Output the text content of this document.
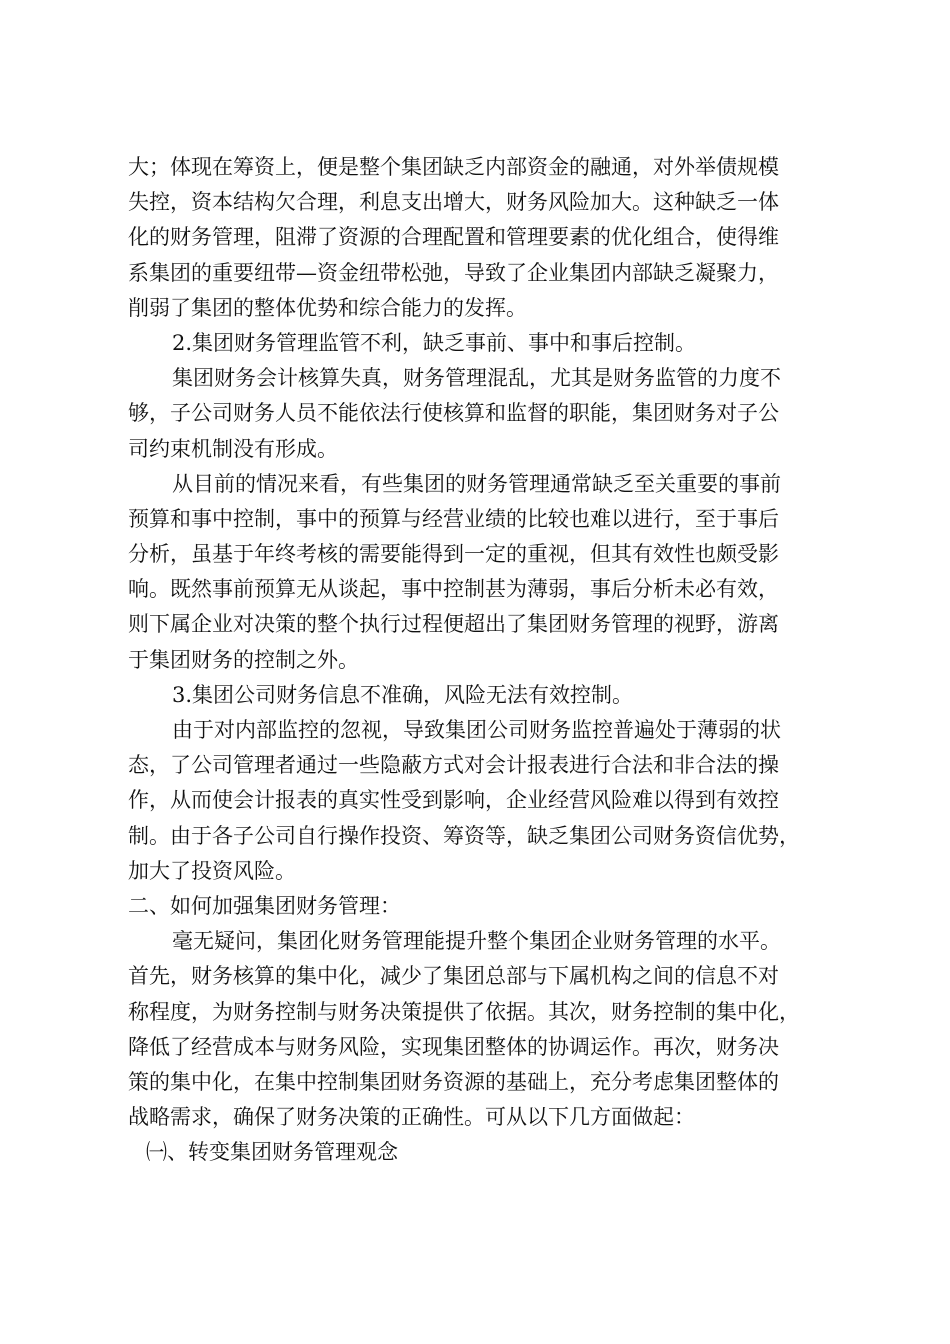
大；体现在筹资上，便是整个集团缺乏内部资金的融通，对外举债规模
失控，资本结构欠合理，利息支出增大，财务风险加大。这种缺乏一体
化的财务管理，阻滞了资源的合理配置和管理要素的优化组合，使得维
系集团的重要纽带—资金纽带松弛，导致了企业集团内部缺乏凝聚力，
削弱了集团的整体优势和综合能力的发挥。
2.集团财务管理监管不利，缺乏事前、事中和事后控制。
集团财务会计核算失真，财务管理混乱，尤其是财务监管的力度不
够，子公司财务人员不能依法行使核算和监督的职能，集团财务对子公
司约束机制没有形成。
从目前的情况来看，有些集团的财务管理通常缺乏至关重要的事前
预算和事中控制，事中的预算与经营业绩的比较也难以进行，至于事后
分析，虽基于年终考核的需要能得到一定的重视，但其有效性也颇受影
响。既然事前预算无从谈起，事中控制甚为薄弱，事后分析未必有效，
则下属企业对决策的整个执行过程便超出了集团财务管理的视野，游离
于集团财务的控制之外。
3.集团公司财务信息不准确，风险无法有效控制。
由于对内部监控的忽视，导致集团公司财务监控普遍处于薄弱的状
态，了公司管理者通过一些隐蔽方式对会计报表进行合法和非合法的操
作，从而使会计报表的真实性受到影响，企业经营风险难以得到有效控
制。由于各子公司自行操作投资、筹资等，缺乏集团公司财务资信优势，
加大了投资风险。
二、如何加强集团财务管理：
毫无疑问，集团化财务管理能提升整个集团企业财务管理的水平。
首先，财务核算的集中化，减少了集团总部与下属机构之间的信息不对
称程度，为财务控制与财务决策提供了依据。其次，财务控制的集中化，
降低了经营成本与财务风险，实现集团整体的协调运作。再次，财务决
策的集中化，在集中控制集团财务资源的基础上，充分考虑集团整体的
战略需求，确保了财务决策的正确性。可从以下几方面做起：
㈠、转变集团财务管理观念
